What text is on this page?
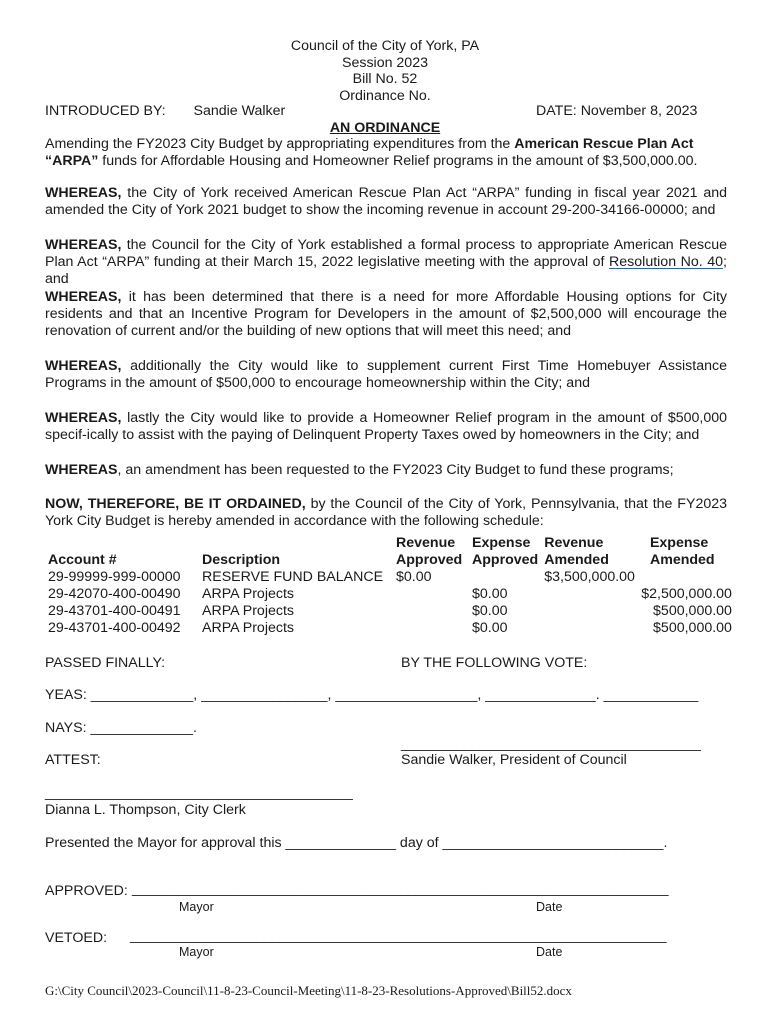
Council of the City of York, PA
Session 2023
Bill No. 52
Ordinance No.
INTRODUCED BY: Sandie Walker	DATE: November 8, 2023
AN ORDINANCE
Amending the FY2023 City Budget by appropriating expenditures from the American Rescue Plan Act
“ARPA” funds for Affordable Housing and Homeowner Relief programs in the amount of $3,500,000.00.
WHEREAS, the City of York received American Rescue Plan Act “ARPA” funding in fiscal year 2021 and amended the City of York 2021 budget to show the incoming revenue in account 29-200-34166-00000; and
WHEREAS, the Council for the City of York established a formal process to appropriate American Rescue Plan Act “ARPA” funding at their March 15, 2022 legislative meeting with the approval of Resolution No. 40; and
WHEREAS, it has been determined that there is a need for more Affordable Housing options for City residents and that an Incentive Program for Developers in the amount of $2,500,000 will encourage the renovation of current and/or the building of new options that will meet this need; and
WHEREAS, additionally the City would like to supplement current First Time Homebuyer Assistance Programs in the amount of $500,000 to encourage homeownership within the City; and
WHEREAS, lastly the City would like to provide a Homeowner Relief program in the amount of $500,000 specif-ically to assist with the paying of Delinquent Property Taxes owed by homeowners in the City; and
WHEREAS, an amendment has been requested to the FY2023 City Budget to fund these programs;
NOW, THEREFORE, BE IT ORDAINED, by the Council of the City of York, Pennsylvania, that the FY2023 York City Budget is hereby amended in accordance with the following schedule:
		Revenue	Expense	Revenue	Expense
Account #	Description	Approved	Approved	Amended	Amended
29-99999-999-00000	RESERVE FUND BALANCE	$0.00		$3,500,000.00	
29-42070-400-00490	ARPA Projects		$0.00		$2,500,000.00
29-43701-400-00491	ARPA Projects		$0.00		$500,000.00
29-43701-400-00492	ARPA Projects		$0.00		$500,000.00
PASSED FINALLY:	BY THE FOLLOWING VOTE:
YEAS: _____________, ________________, __________________, ______________. ____________
NAYS: _____________.
______________________________________
ATTEST:	Sandie Walker, President of Council
_______________________________________
Dianna L. Thompson, City Clerk
Presented the Mayor for approval this ______________ day of ____________________________.
APPROVED: ____________________________________________________________________
Mayor	Date
VETOED: ____________________________________________________________________
Mayor	Date
G:\City Council\2023-Council\11-8-23-Council-Meeting\11-8-23-Resolutions-Approved\Bill52.docx
